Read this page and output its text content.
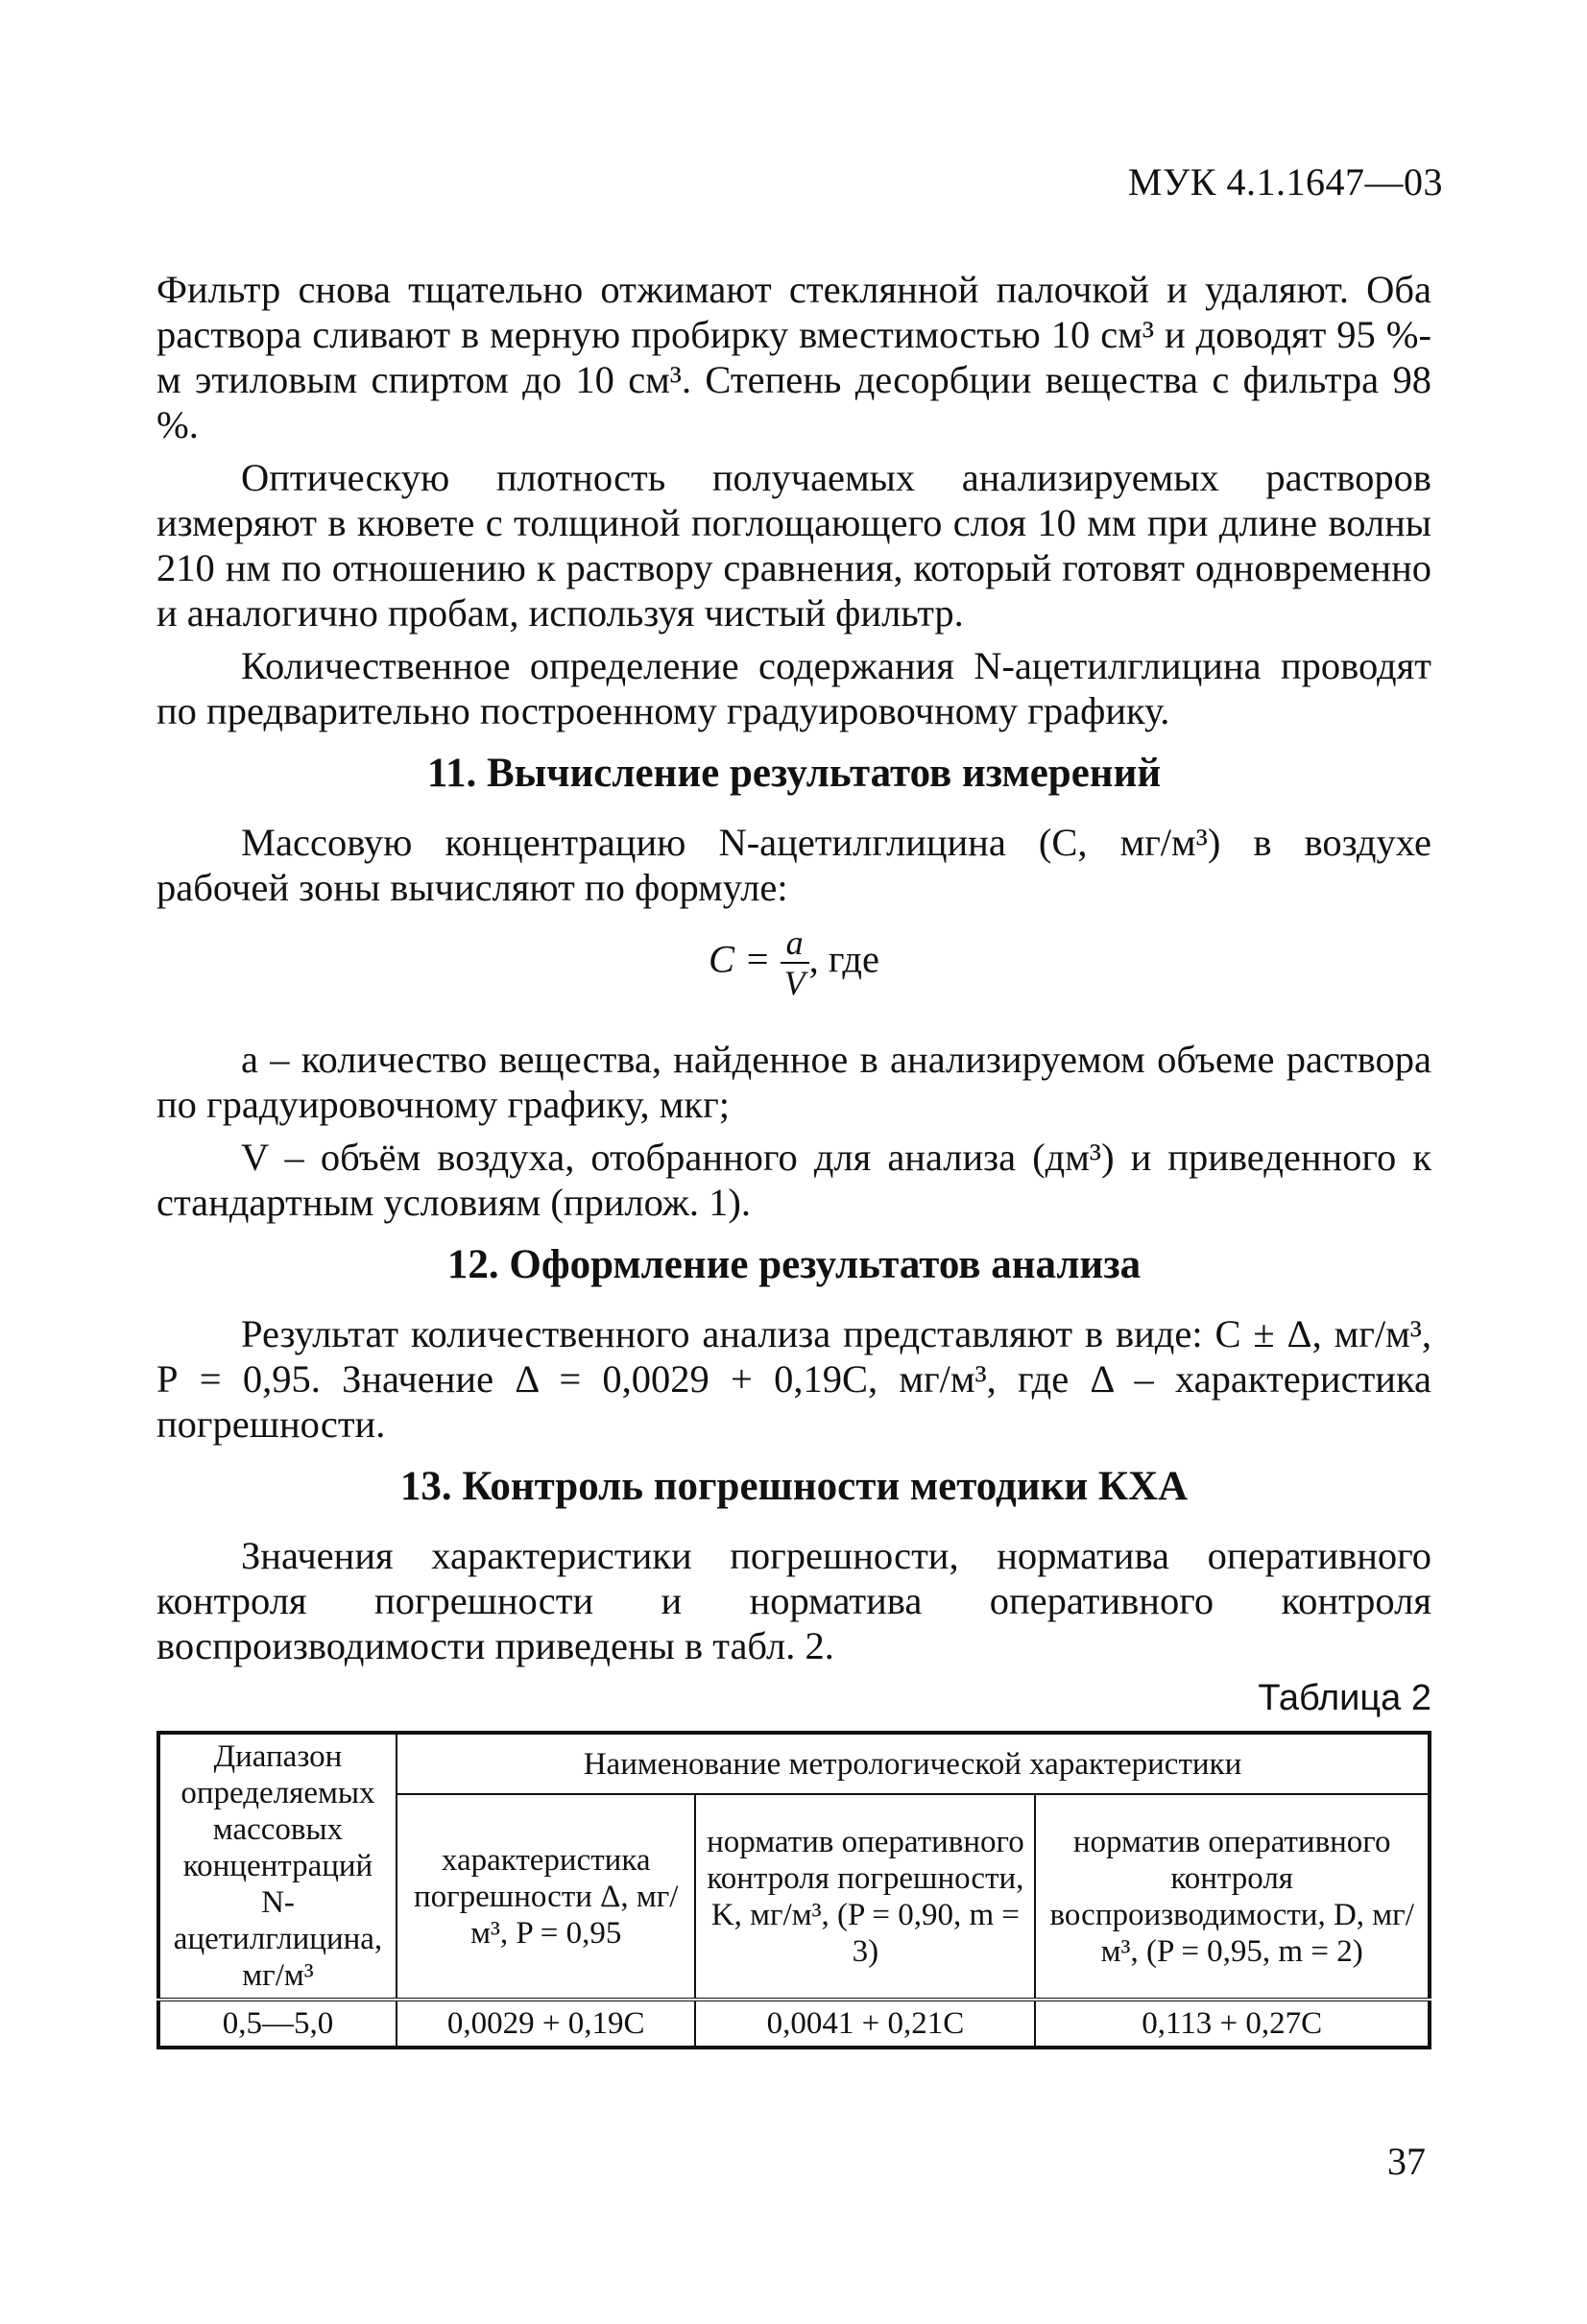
МУК 4.1.1647—03

Фильтр снова тщательно отжимают стеклянной палочкой и удаляют. Оба раствора сливают в мерную пробирку вместимостью 10 см³ и доводят 95 %-м этиловым спиртом до 10 см³. Степень десорбции вещества с фильтра 98 %.

Оптическую плотность получаемых анализируемых растворов измеряют в кювете с толщиной поглощающего слоя 10 мм при длине волны 210 нм по отношению к раствору сравнения, который готовят одновременно и аналогично пробам, используя чистый фильтр.

Количественное определение содержания N-ацетилглицина проводят по предварительно построенному градуировочному графику.

11. Вычисление результатов измерений

Массовую концентрацию N-ацетилглицина (С, мг/м³) в воздухе рабочей зоны вычисляют по формуле:

$C = \frac{a}{V}$ , где

а – количество вещества, найденное в анализируемом объеме раствора по градуировочному графику, мкг;

V – объём воздуха, отобранного для анализа (дм³) и приведенного к стандартным условиям (прилож. 1).

12. Оформление результатов анализа

Результат количественного анализа представляют в виде: С ± Δ, мг/м³, Р = 0,95. Значение Δ = 0,0029 + 0,19С, мг/м³, где Δ – характеристика погрешности.

13. Контроль погрешности методики КХА

Значения характеристики погрешности, норматива оперативного контроля погрешности и норматива оперативного контроля воспроизводимости приведены в табл. 2.

Таблица 2
Диапазон определяемых массовых концентраций N-ацетилглицина, мг/м³	Наименование метрологической характеристики		
	характеристика погрешности Δ, мг/м³, P = 0,95	норматив оперативного контроля погрешности, K, мг/м³, (P = 0,90, m = 3)	норматив оперативного контроля воспроизводимости, D, мг/м³, (P = 0,95, m = 2)
0,5—5,0	0,0029 + 0,19С	0,0041 + 0,21С	0,113 + 0,27С
37
